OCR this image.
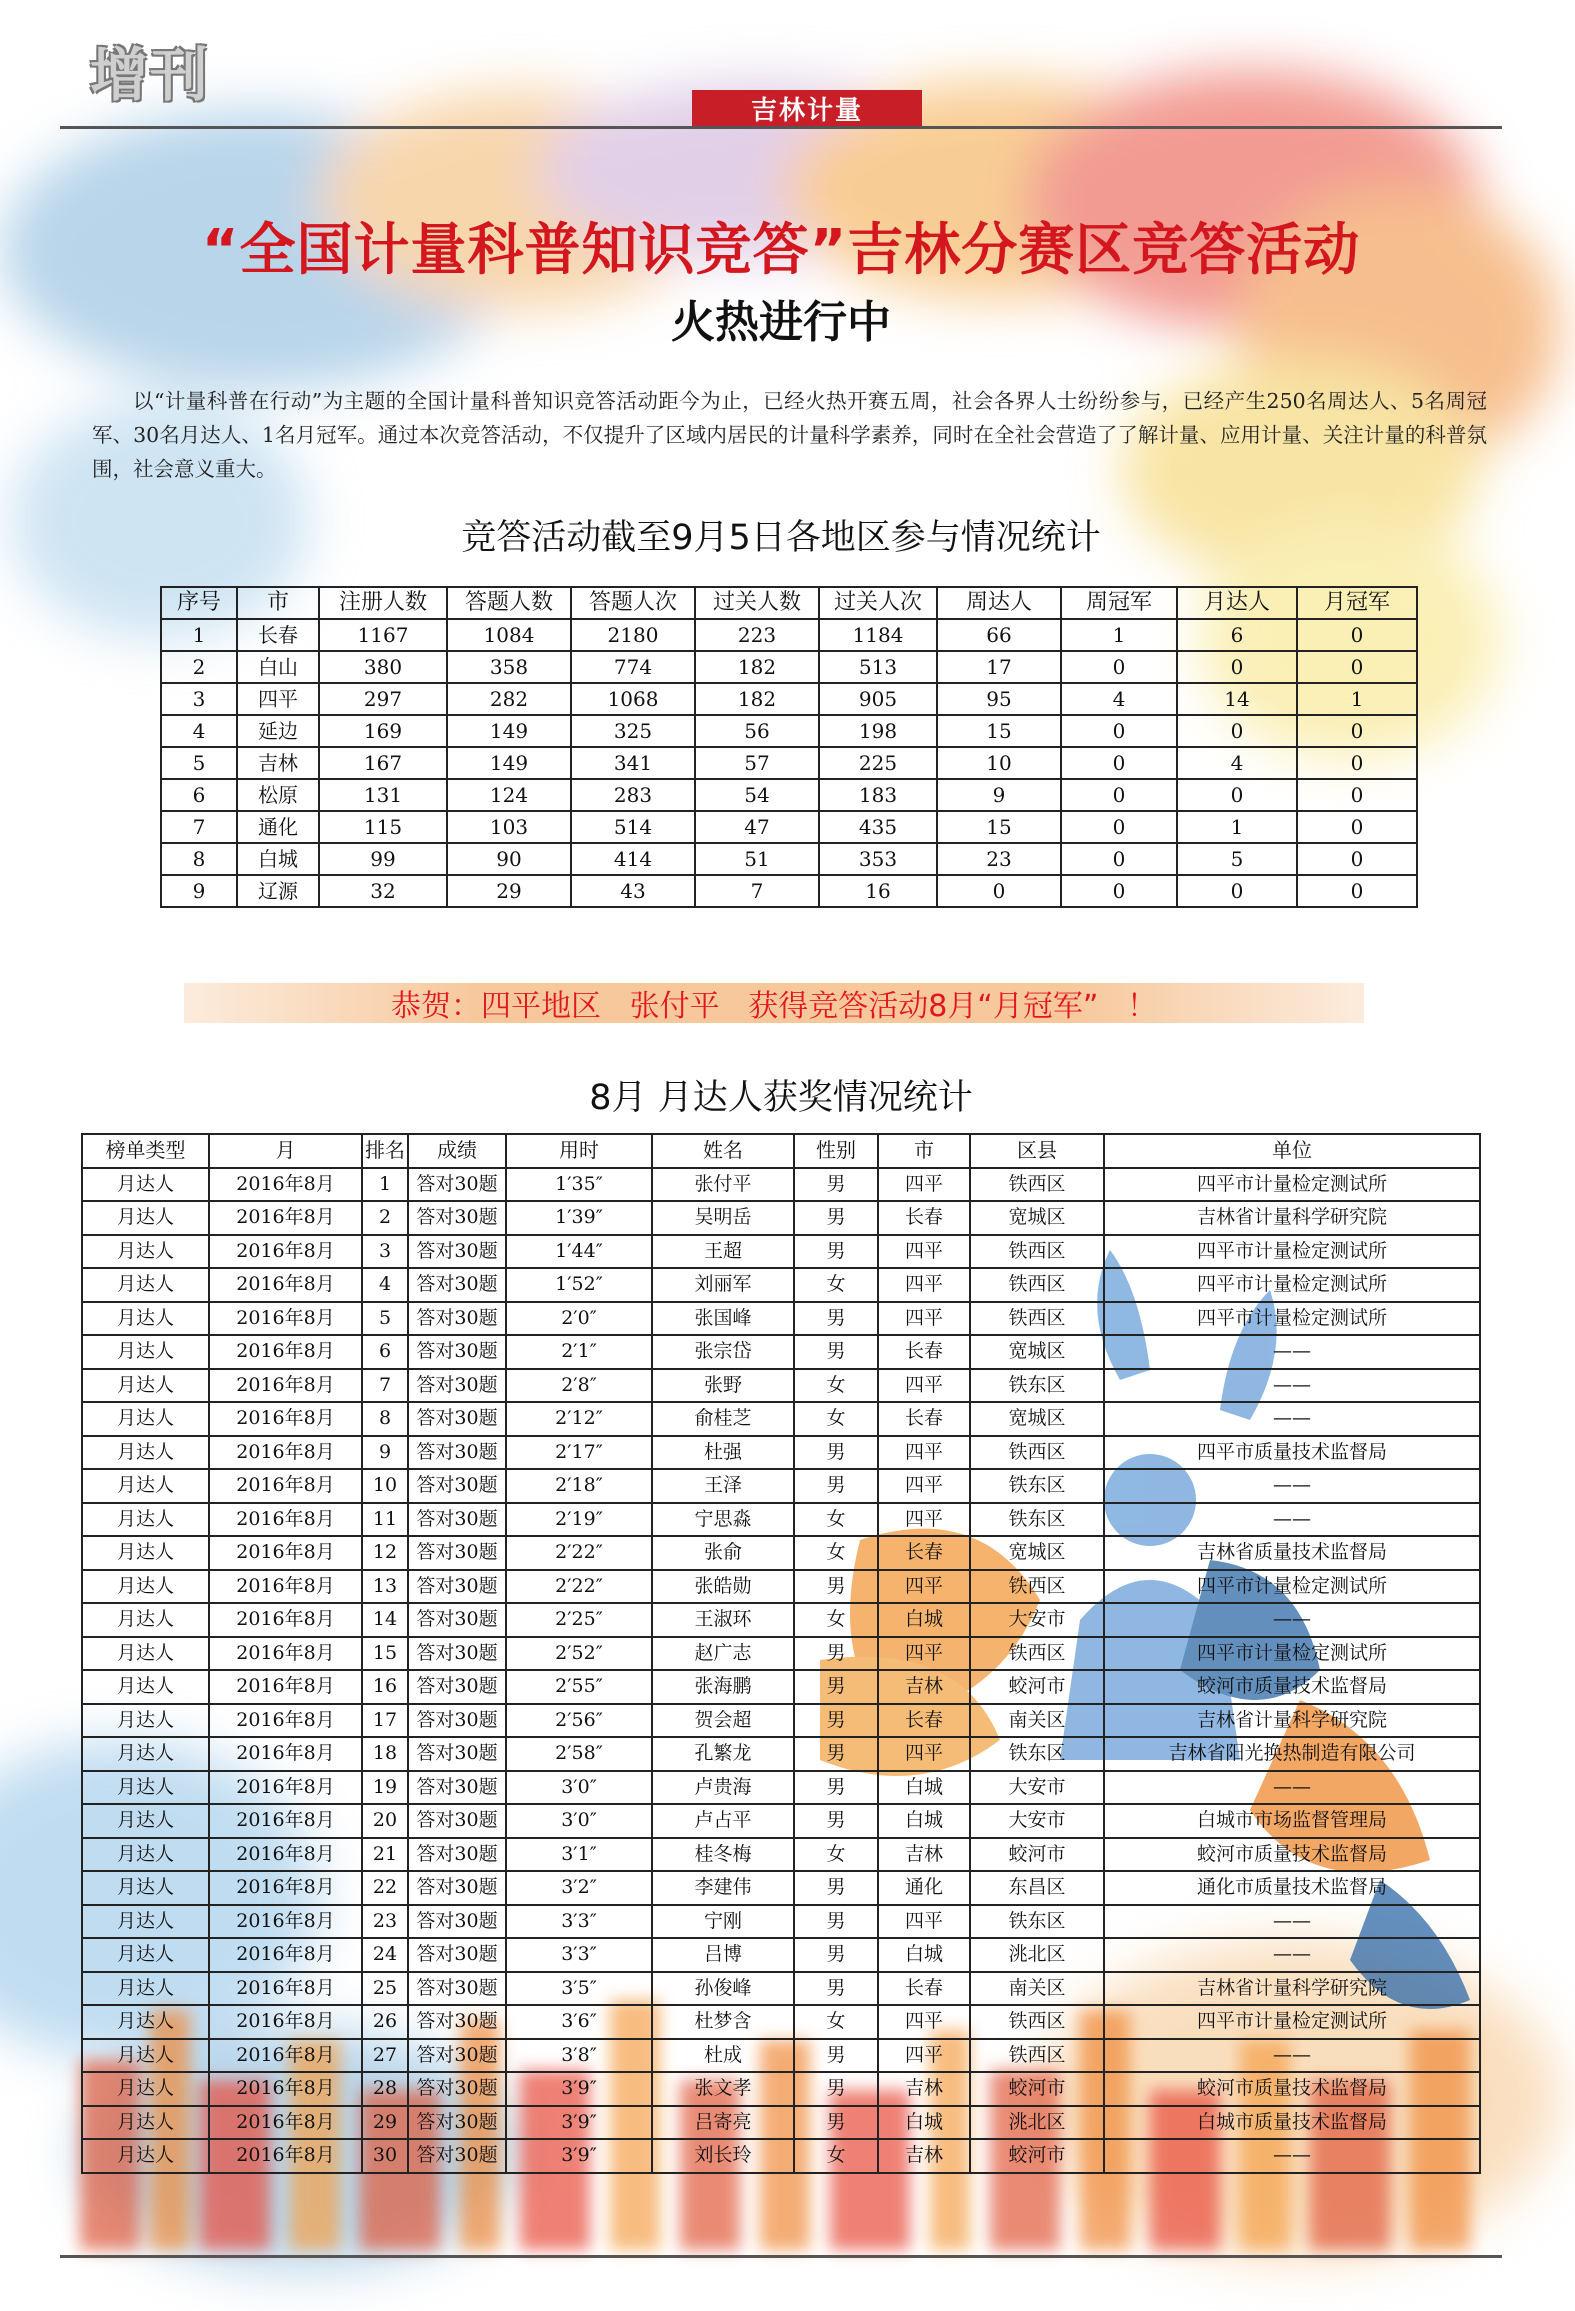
增刊
吉林计量
“全国计量科普知识竞答”吉林分赛区竞答活动
火热进行中

以“计量科普在行动”为主题的全国计量科普知识竞答活动距今为止，已经火热开赛五周，社会各界人士纷纷参与，已经产生250名周达人、5名周冠军、30名月达人、1名月冠军。通过本次竞答活动，不仅提升了区域内居民的计量科学素养，同时在全社会营造了了解计量、应用计量、关注计量的科普氛围，社会意义重大。

竞答活动截至9月5日各地区参与情况统计
序号	市	注册人数	答题人数	答题人次	过关人数	过关人次	周达人	周冠军	月达人	月冠军
1	长春	1167	1084	2180	223	1184	66	1	6	0
2	白山	380	358	774	182	513	17	0	0	0
3	四平	297	282	1068	182	905	95	4	14	1
4	延边	169	149	325	56	198	15	0	0	0
5	吉林	167	149	341	57	225	10	0	4	0
6	松原	131	124	283	54	183	9	0	0	0
7	通化	115	103	514	47	435	15	0	1	0
8	白城	99	90	414	51	353	23	0	5	0
9	辽源	32	29	43	7	16	0	0	0	0
恭贺：四平地区   张付平   获得竞答活动8月“月冠军”   ！
8月 月达人获奖情况统计
榜单类型	月	排名	成绩	用时	姓名	性别	市	区县	单位
月达人	2016年8月	1	答对30题	1′35″	张付平	男	四平	铁西区	四平市计量检定测试所
月达人	2016年8月	2	答对30题	1′39″	吴明岳	男	长春	宽城区	吉林省计量科学研究院
月达人	2016年8月	3	答对30题	1′44″	王超	男	四平	铁西区	四平市计量检定测试所
月达人	2016年8月	4	答对30题	1′52″	刘丽军	女	四平	铁西区	四平市计量检定测试所
月达人	2016年8月	5	答对30题	2′0″	张国峰	男	四平	铁西区	四平市计量检定测试所
月达人	2016年8月	6	答对30题	2′1″	张宗岱	男	长春	宽城区	——
月达人	2016年8月	7	答对30题	2′8″	张野	女	四平	铁东区	——
月达人	2016年8月	8	答对30题	2′12″	俞桂芝	女	长春	宽城区	——
月达人	2016年8月	9	答对30题	2′17″	杜强	男	四平	铁西区	四平市质量技术监督局
月达人	2016年8月	10	答对30题	2′18″	王泽	男	四平	铁东区	——
月达人	2016年8月	11	答对30题	2′19″	宁思淼	女	四平	铁东区	——
月达人	2016年8月	12	答对30题	2′22″	张俞	女	长春	宽城区	吉林省质量技术监督局
月达人	2016年8月	13	答对30题	2′22″	张皓勋	男	四平	铁西区	四平市计量检定测试所
月达人	2016年8月	14	答对30题	2′25″	王淑环	女	白城	大安市	——
月达人	2016年8月	15	答对30题	2′52″	赵广志	男	四平	铁西区	四平市计量检定测试所
月达人	2016年8月	16	答对30题	2′55″	张海鹏	男	吉林	蛟河市	蛟河市质量技术监督局
月达人	2016年8月	17	答对30题	2′56″	贺会超	男	长春	南关区	吉林省计量科学研究院
月达人	2016年8月	18	答对30题	2′58″	孔繁龙	男	四平	铁东区	吉林省阳光换热制造有限公司
月达人	2016年8月	19	答对30题	3′0″	卢贵海	男	白城	大安市	——
月达人	2016年8月	20	答对30题	3′0″	卢占平	男	白城	大安市	白城市市场监督管理局
月达人	2016年8月	21	答对30题	3′1″	桂冬梅	女	吉林	蛟河市	蛟河市质量技术监督局
月达人	2016年8月	22	答对30题	3′2″	李建伟	男	通化	东昌区	通化市质量技术监督局
月达人	2016年8月	23	答对30题	3′3″	宁刚	男	四平	铁东区	——
月达人	2016年8月	24	答对30题	3′3″	吕博	男	白城	洮北区	——
月达人	2016年8月	25	答对30题	3′5″	孙俊峰	男	长春	南关区	吉林省计量科学研究院
月达人	2016年8月	26	答对30题	3′6″	杜梦含	女	四平	铁西区	四平市计量检定测试所
月达人	2016年8月	27	答对30题	3′8″	杜成	男	四平	铁西区	——
月达人	2016年8月	28	答对30题	3′9″	张文孝	男	吉林	蛟河市	蛟河市质量技术监督局
月达人	2016年8月	29	答对30题	3′9″	吕寄亮	男	白城	洮北区	白城市质量技术监督局
月达人	2016年8月	30	答对30题	3′9″	刘长玲	女	吉林	蛟河市	——
